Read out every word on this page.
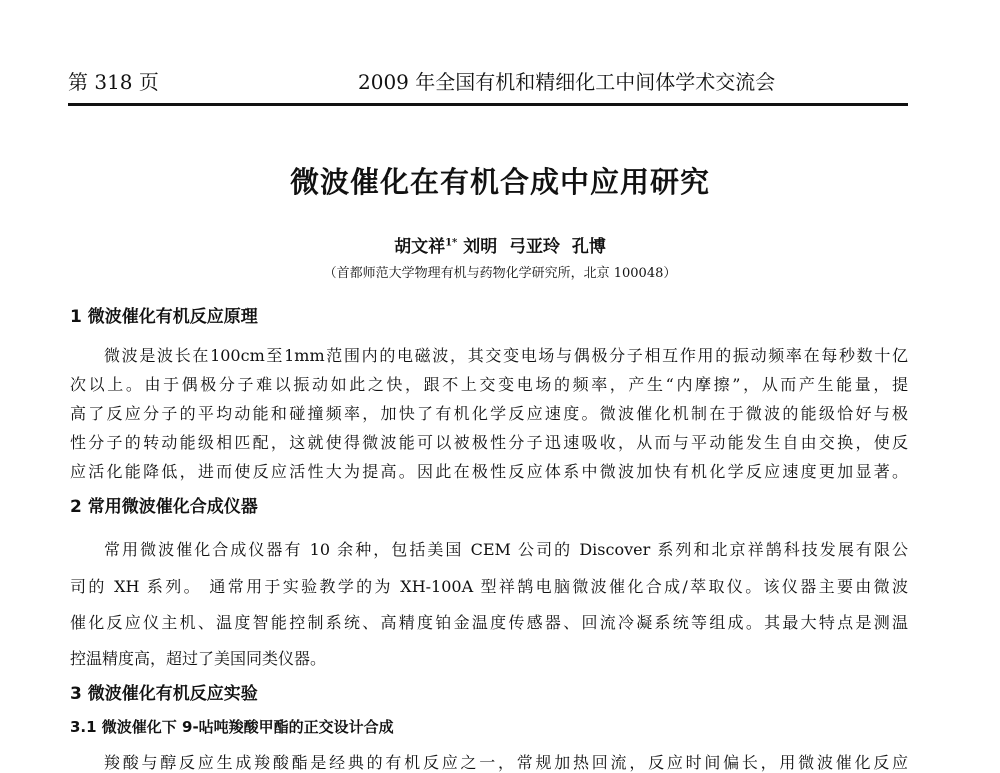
第 318 页	2009 年全国有机和精细化工中间体学术交流会
微波催化在有机合成中应用研究
胡文祥$^{1*}$ 刘明  弓亚玲  孔博
（首都师范大学物理有机与药物化学研究所，北京 100048）
1 微波催化有机反应原理
微波是波长在100cm至1mm范围内的电磁波，其交变电场与偶极分子相互作用的振动频率在每秒数十亿
次以上。由于偶极分子难以振动如此之快，跟不上交变电场的频率，产生“内摩擦”，从而产生能量，提
高了反应分子的平均动能和碰撞频率，加快了有机化学反应速度。微波催化机制在于微波的能级恰好与极
性分子的转动能级相匹配，这就使得微波能可以被极性分子迅速吸收，从而与平动能发生自由交换，使反
应活化能降低，进而使反应活性大为提高。因此在极性反应体系中微波加快有机化学反应速度更加显著。
2 常用微波催化合成仪器
常用微波催化合成仪器有 10 余种，包括美国 CEM 公司的 Discover 系列和北京祥鹄科技发展有限公
司的 XH 系列。 通常用于实验教学的为 XH-100A 型祥鹄电脑微波催化合成/萃取仪。该仪器主要由微波
催化反应仪主机、温度智能控制系统、高精度铂金温度传感器、回流冷凝系统等组成。其最大特点是测温
控温精度高，超过了美国同类仪器。
3 微波催化有机反应实验
3.1 微波催化下 9-呫吨羧酸甲酯的正交设计合成
羧酸与醇反应生成羧酸酯是经典的有机反应之一，常规加热回流，反应时间偏长，用微波催化反应
